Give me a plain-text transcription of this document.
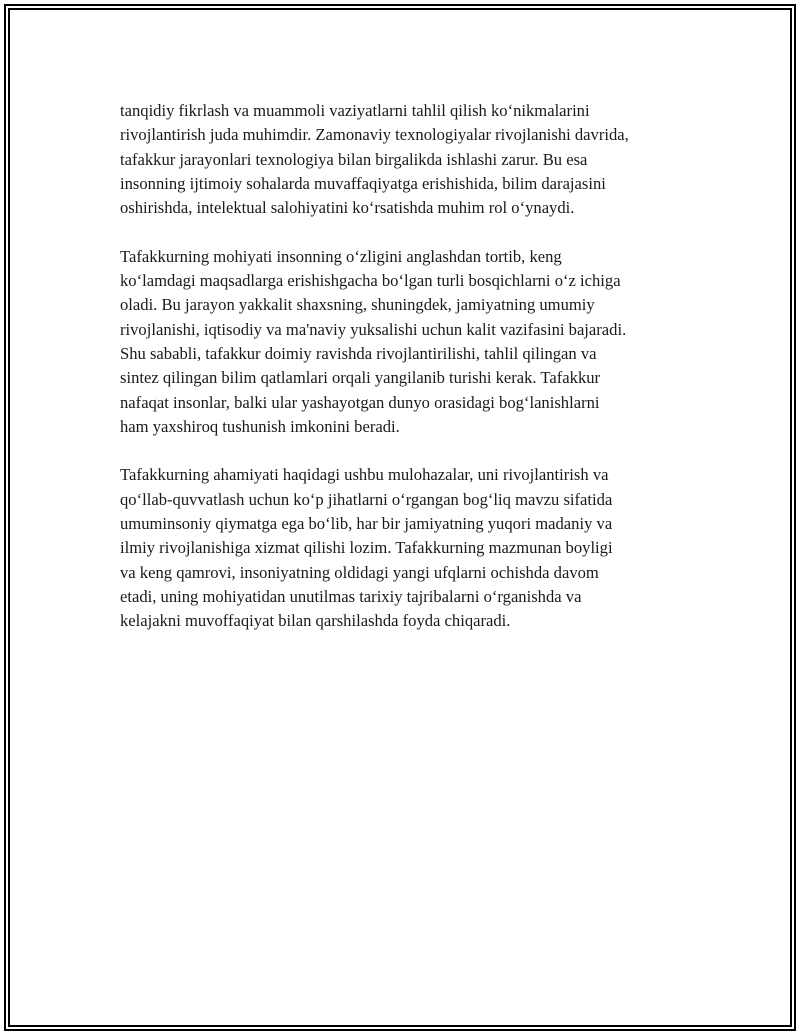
tanqidiy fikrlash va muammoli vaziyatlarni tahlil qilish ko‘nikmalarini
rivojlantirish juda muhimdir. Zamonaviy texnologiyalar rivojlanishi davrida,
tafakkur jarayonlari texnologiya bilan birgalikda ishlashi zarur. Bu esa
insonning ijtimoiy sohalarda muvaffaqiyatga erishishida, bilim darajasini
oshirishda, intelektual salohiyatini ko‘rsatishda muhim rol o‘ynaydi.

Tafakkurning mohiyati insonning o‘zligini anglashdan tortib, keng
ko‘lamdagi maqsadlarga erishishgacha bo‘lgan turli bosqichlarni o‘z ichiga
oladi. Bu jarayon yakkalit shaxsning, shuningdek, jamiyatning umumiy
rivojlanishi, iqtisodiy va ma'naviy yuksalishi uchun kalit vazifasini bajaradi.
Shu sababli, tafakkur doimiy ravishda rivojlantirilishi, tahlil qilingan va
sintez qilingan bilim qatlamlari orqali yangilanib turishi kerak. Tafakkur
nafaqat insonlar, balki ular yashayotgan dunyo orasidagi bog‘lanishlarni
ham yaxshiroq tushunish imkonini beradi.

Tafakkurning ahamiyati haqidagi ushbu mulohazalar, uni rivojlantirish va
qo‘llab-quvvatlash uchun ko‘p jihatlarni o‘rgangan bog‘liq mavzu sifatida
umuminsoniy qiymatga ega bo‘lib, har bir jamiyatning yuqori madaniy va
ilmiy rivojlanishiga xizmat qilishi lozim. Tafakkurning mazmunan boyligi
va keng qamrovi, insoniyatning oldidagi yangi ufqlarni ochishda davom
etadi, uning mohiyatidan unutilmas tarixiy tajribalarni o‘rganishda va
kelajakni muvoffaqiyat bilan qarshilashda foyda chiqaradi.
